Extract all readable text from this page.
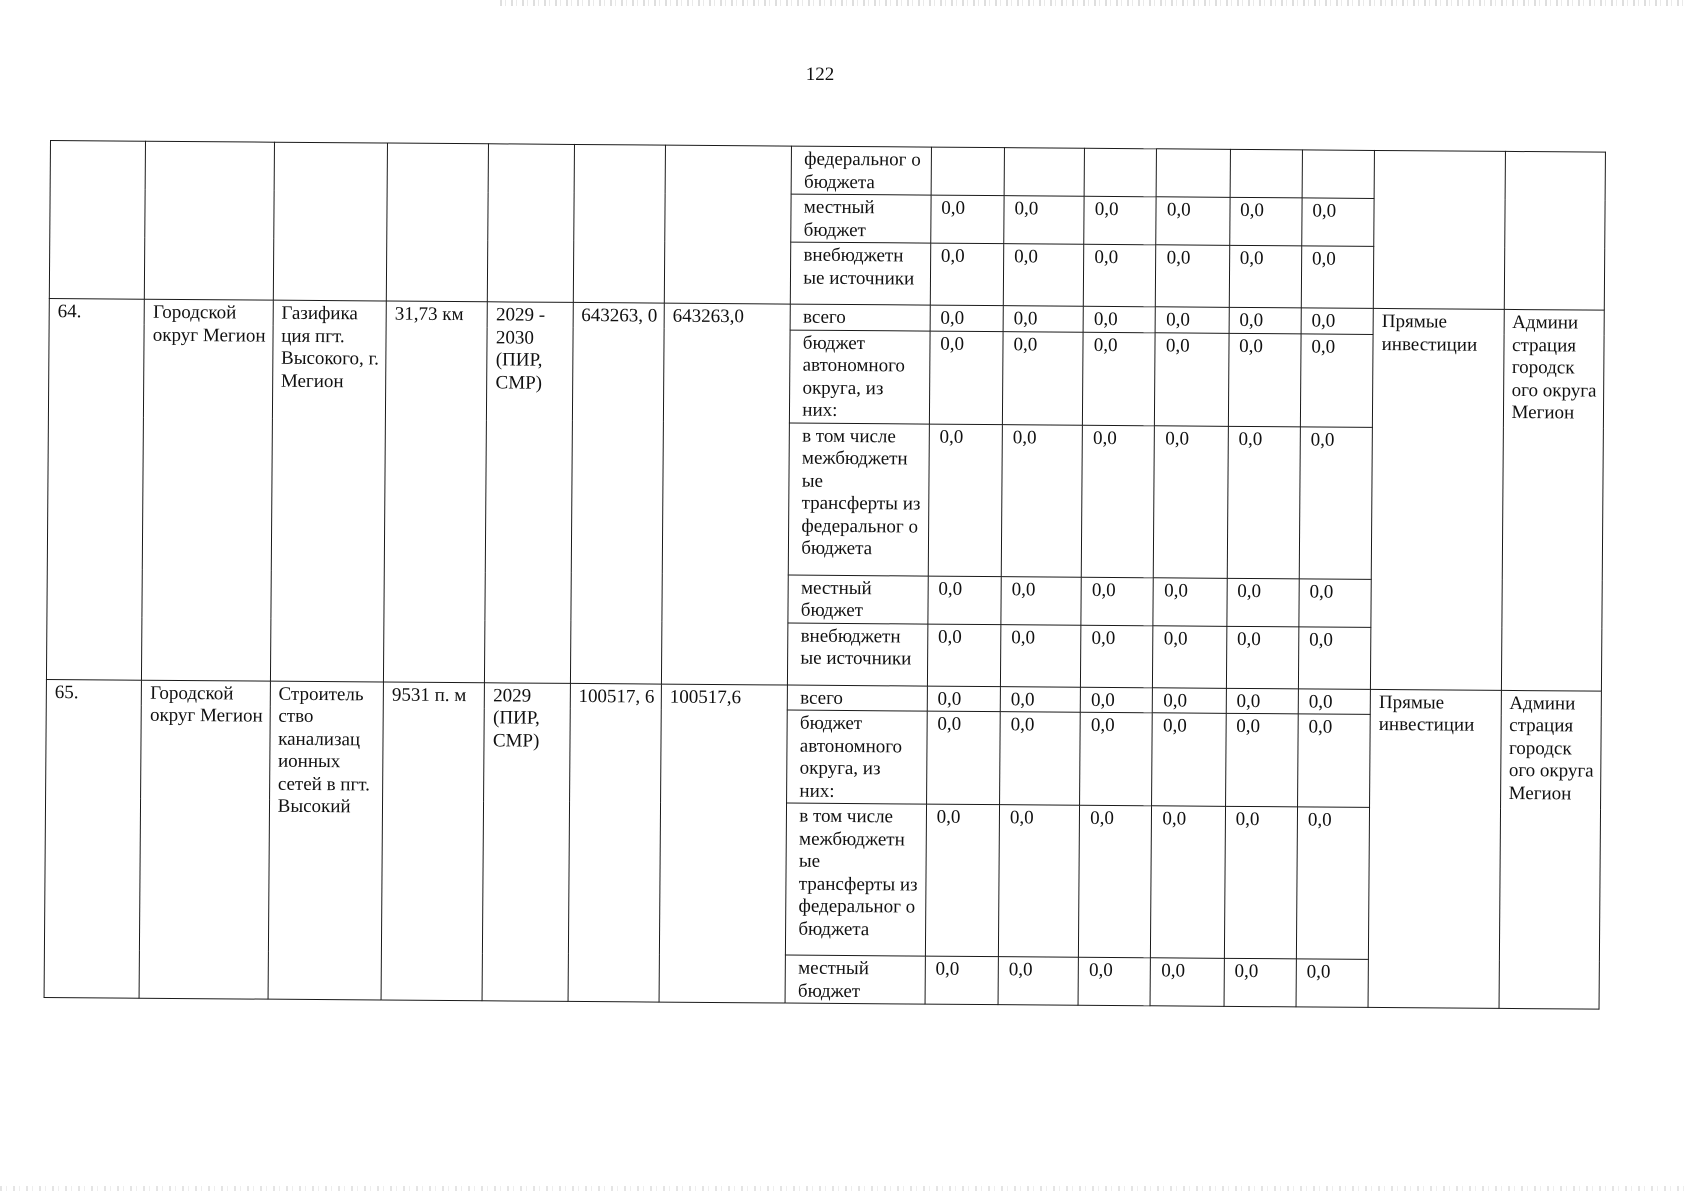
122
							федеральног о бюджета								
							местный бюджет	0,0	0,0	0,0	0,0	0,0	0,0		
							внебюджетн ые источники	0,0	0,0	0,0	0,0	0,0	0,0		
64.	Городской округ Мегион	Газифика ция пгт. Высокого, г. Мегион	31,73 км	2029 - 2030 (ПИР, СМР)	643263, 0	643263,0	всего	0,0	0,0	0,0	0,0	0,0	0,0	Прямые инвестиции	Админи страция городск ого округа Мегион
							бюджет автономного округа, из них:	0,0	0,0	0,0	0,0	0,0	0,0		
							в том числе межбюджетн ые трансферты из федеральног о бюджета	0,0	0,0	0,0	0,0	0,0	0,0		
							местный бюджет	0,0	0,0	0,0	0,0	0,0	0,0		
							внебюджетн ые источники	0,0	0,0	0,0	0,0	0,0	0,0		
65.	Городской округ Мегион	Строитель ство канализац ионных сетей в пгт. Высокий	9531 п. м	2029 (ПИР, СМР)	100517, 6	100517,6	всего	0,0	0,0	0,0	0,0	0,0	0,0	Прямые инвестиции	Админи страция городск ого округа Мегион
							бюджет автономного округа, из них:	0,0	0,0	0,0	0,0	0,0	0,0		
							в том числе межбюджетн ые трансферты из федеральног о бюджета	0,0	0,0	0,0	0,0	0,0	0,0		
							местный бюджет	0,0	0,0	0,0	0,0	0,0	0,0		
